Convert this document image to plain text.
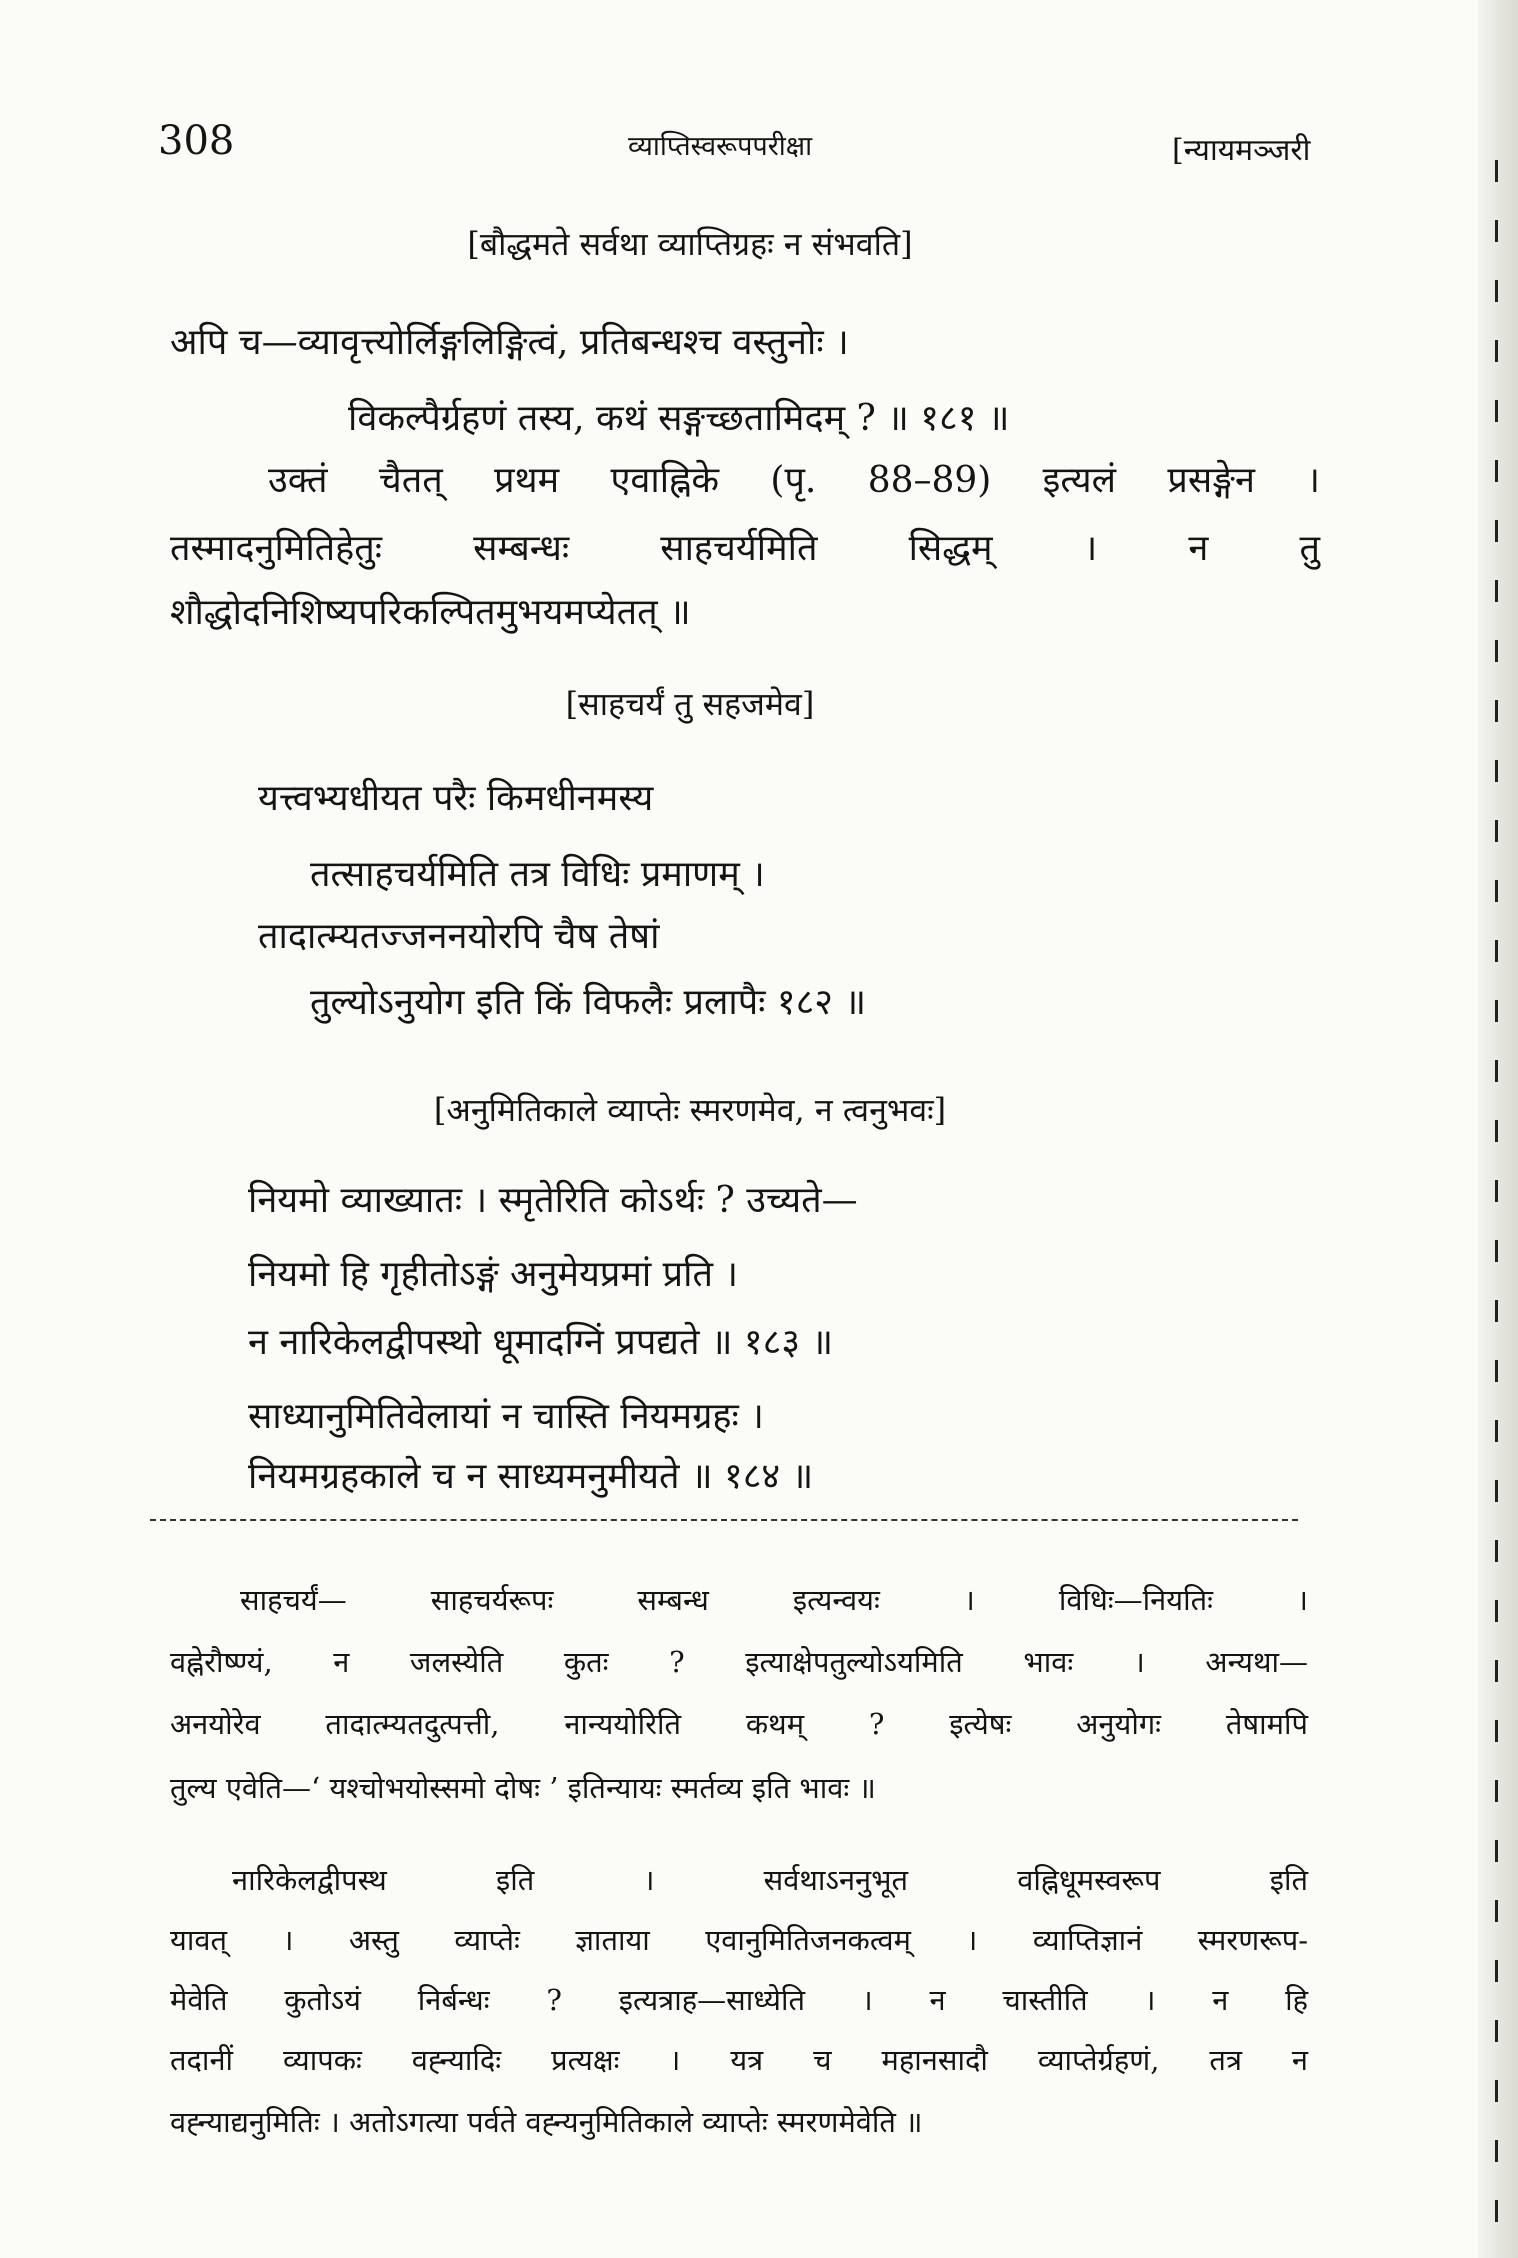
308	व्याप्तिस्वरूपपरीक्षा	[न्यायमञ्जरी
[बौद्धमते सर्वथा व्याप्तिग्रहः न संभवति]
अपि च—व्यावृत्त्योर्लिङ्गलिङ्गित्वं, प्रतिबन्धश्च वस्तुनोः ।
विकल्पैर्ग्रहणं तस्य, कथं सङ्गच्छतामिदम् ? ॥ १८१ ॥
उक्तं चैतत् प्रथम एवाह्निके (पृ. 88–89) इत्यलं प्रसङ्गेन ।
तस्मादनुमितिहेतुः सम्बन्धः साहचर्यमिति सिद्धम् । न तु
शौद्धोदनिशिष्यपरिकल्पितमुभयमप्येतत् ॥
[साहचर्यं तु सहजमेव]
यत्त्वभ्यधीयत परैः किमधीनमस्य
तत्साहचर्यमिति तत्र विधिः प्रमाणम् ।
तादात्म्यतज्जननयोरपि चैष तेषां
तुल्योऽनुयोग इति किं विफलैः प्रलापैः १८२ ॥
[अनुमितिकाले व्याप्तेः स्मरणमेव, न त्वनुभवः]
नियमो व्याख्यातः । स्मृतेरिति कोऽर्थः ? उच्यते—
नियमो हि गृहीतोऽङ्गं अनुमेयप्रमां प्रति ।
न नारिकेलद्वीपस्थो धूमादग्निं प्रपद्यते ॥ १८३ ॥
साध्यानुमितिवेलायां न चास्ति नियमग्रहः ।
नियमग्रहकाले च न साध्यमनुमीयते ॥ १८४ ॥
साहचर्यं— साहचर्यरूपः सम्बन्ध इत्यन्वयः । विधिः—नियतिः ।
वह्नेरौष्ण्यं, न जलस्येति कुतः ? इत्याक्षेपतुल्योऽयमिति भावः । अन्यथा—
अनयोरेव तादात्म्यतदुत्पत्ती, नान्ययोरिति कथम् ? इत्येषः अनुयोगः तेषामपि
तुल्य एवेति—‘ यश्चोभयोस्समो दोषः ’ इतिन्यायः स्मर्तव्य इति भावः ॥
नारिकेलद्वीपस्थ इति । सर्वथाऽननुभूत वह्निधूमस्वरूप इति
यावत् । अस्तु व्याप्तेः ज्ञाताया एवानुमितिजनकत्वम् । व्याप्तिज्ञानं स्मरणरूप-
मेवेति कुतोऽयं निर्बन्धः ? इत्यत्राह—साध्येति । न चास्तीति । न हि
तदानीं व्यापकः वह्न्यादिः प्रत्यक्षः । यत्र च महानसादौ व्याप्तेर्ग्रहणं, तत्र न
वह्न्याद्यनुमितिः । अतोऽगत्या पर्वते वह्न्यनुमितिकाले व्याप्तेः स्मरणमेवेति ॥
